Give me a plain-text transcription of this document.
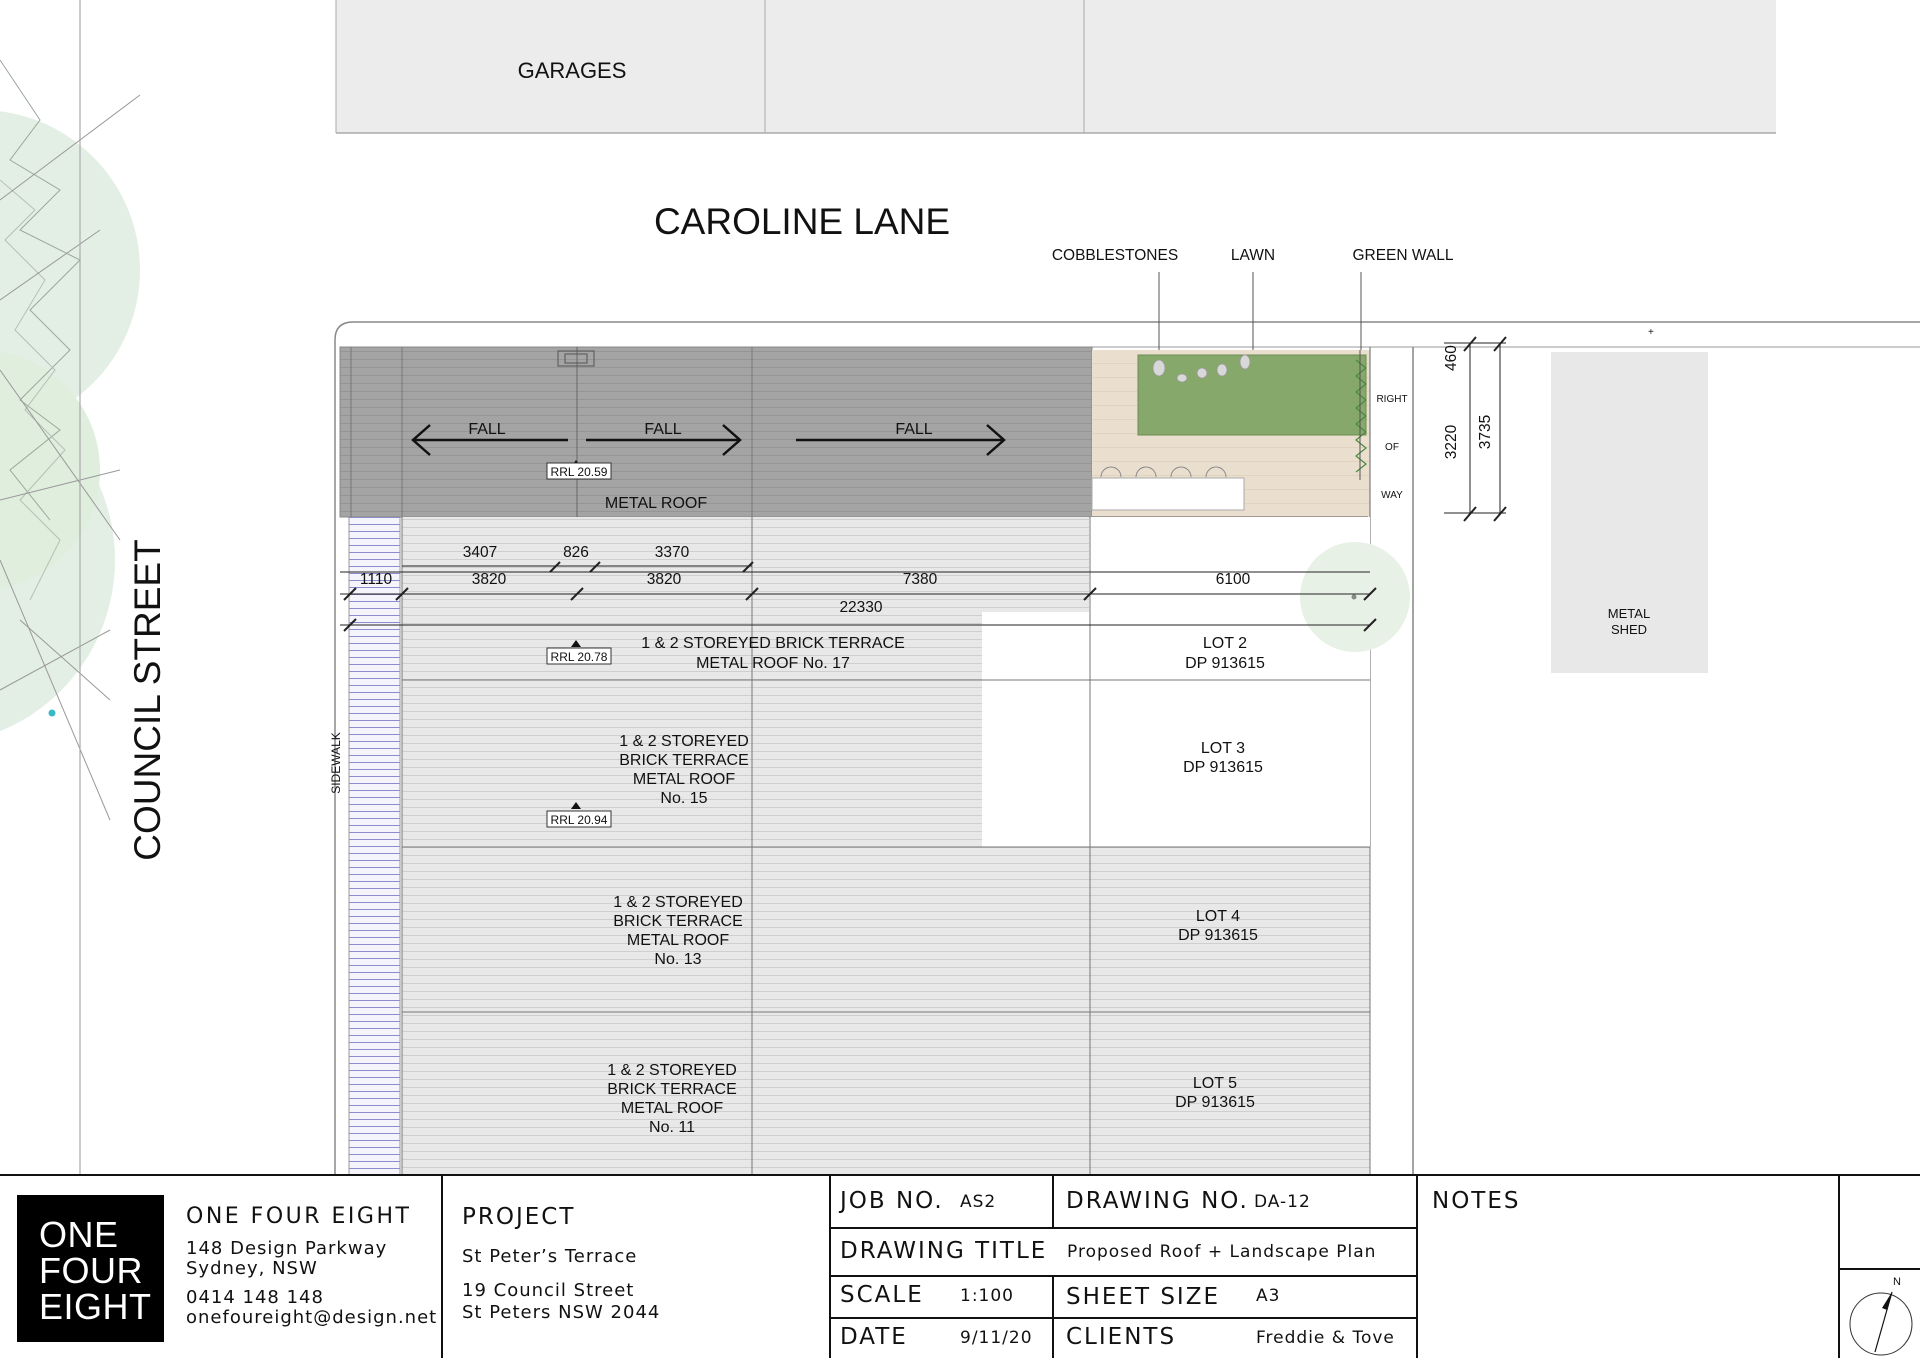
GARAGES
CAROLINE LANE
COUNCIL STREET
+
COBBLESTONES	LAWN	GREEN WALL
METAL ROOF
FALL	FALL	FALL
RIGHT
OF
WAY
SIDEWALK
METAL
SHED
RRL 20.59
RRL 20.78
RRL 20.94
3407	826	3370
1110	3820	3820	7380	6100
22330
460
3220 3735
1 & 2 STOREYED BRICK TERRACE
METAL ROOF No. 17
1 & 2 STOREYED
BRICK TERRACE
METAL ROOF
No. 15
1 & 2 STOREYED
BRICK TERRACE
METAL ROOF
No. 13
1 & 2 STOREYED
BRICK TERRACE
METAL ROOF
No. 11
LOT 2
DP 913615
LOT 3
DP 913615
LOT 4
DP 913615
LOT 5
DP 913615
ONE
FOUR
EIGHT
ONE FOUR EIGHT
148 Design Parkway
Sydney, NSW
0414 148 148
onefoureight@design.net
PROJECT
St Peter’s Terrace
19 Council Street
St Peters NSW 2044
JOB NO. AS2	DRAWING NO. DA-12
DRAWING TITLE Proposed Roof + Landscape Plan
SCALE 1:100 SHEET SIZE A3
DATE	9/11/20 CLIENTS	Freddie & Tove
NOTES
N
